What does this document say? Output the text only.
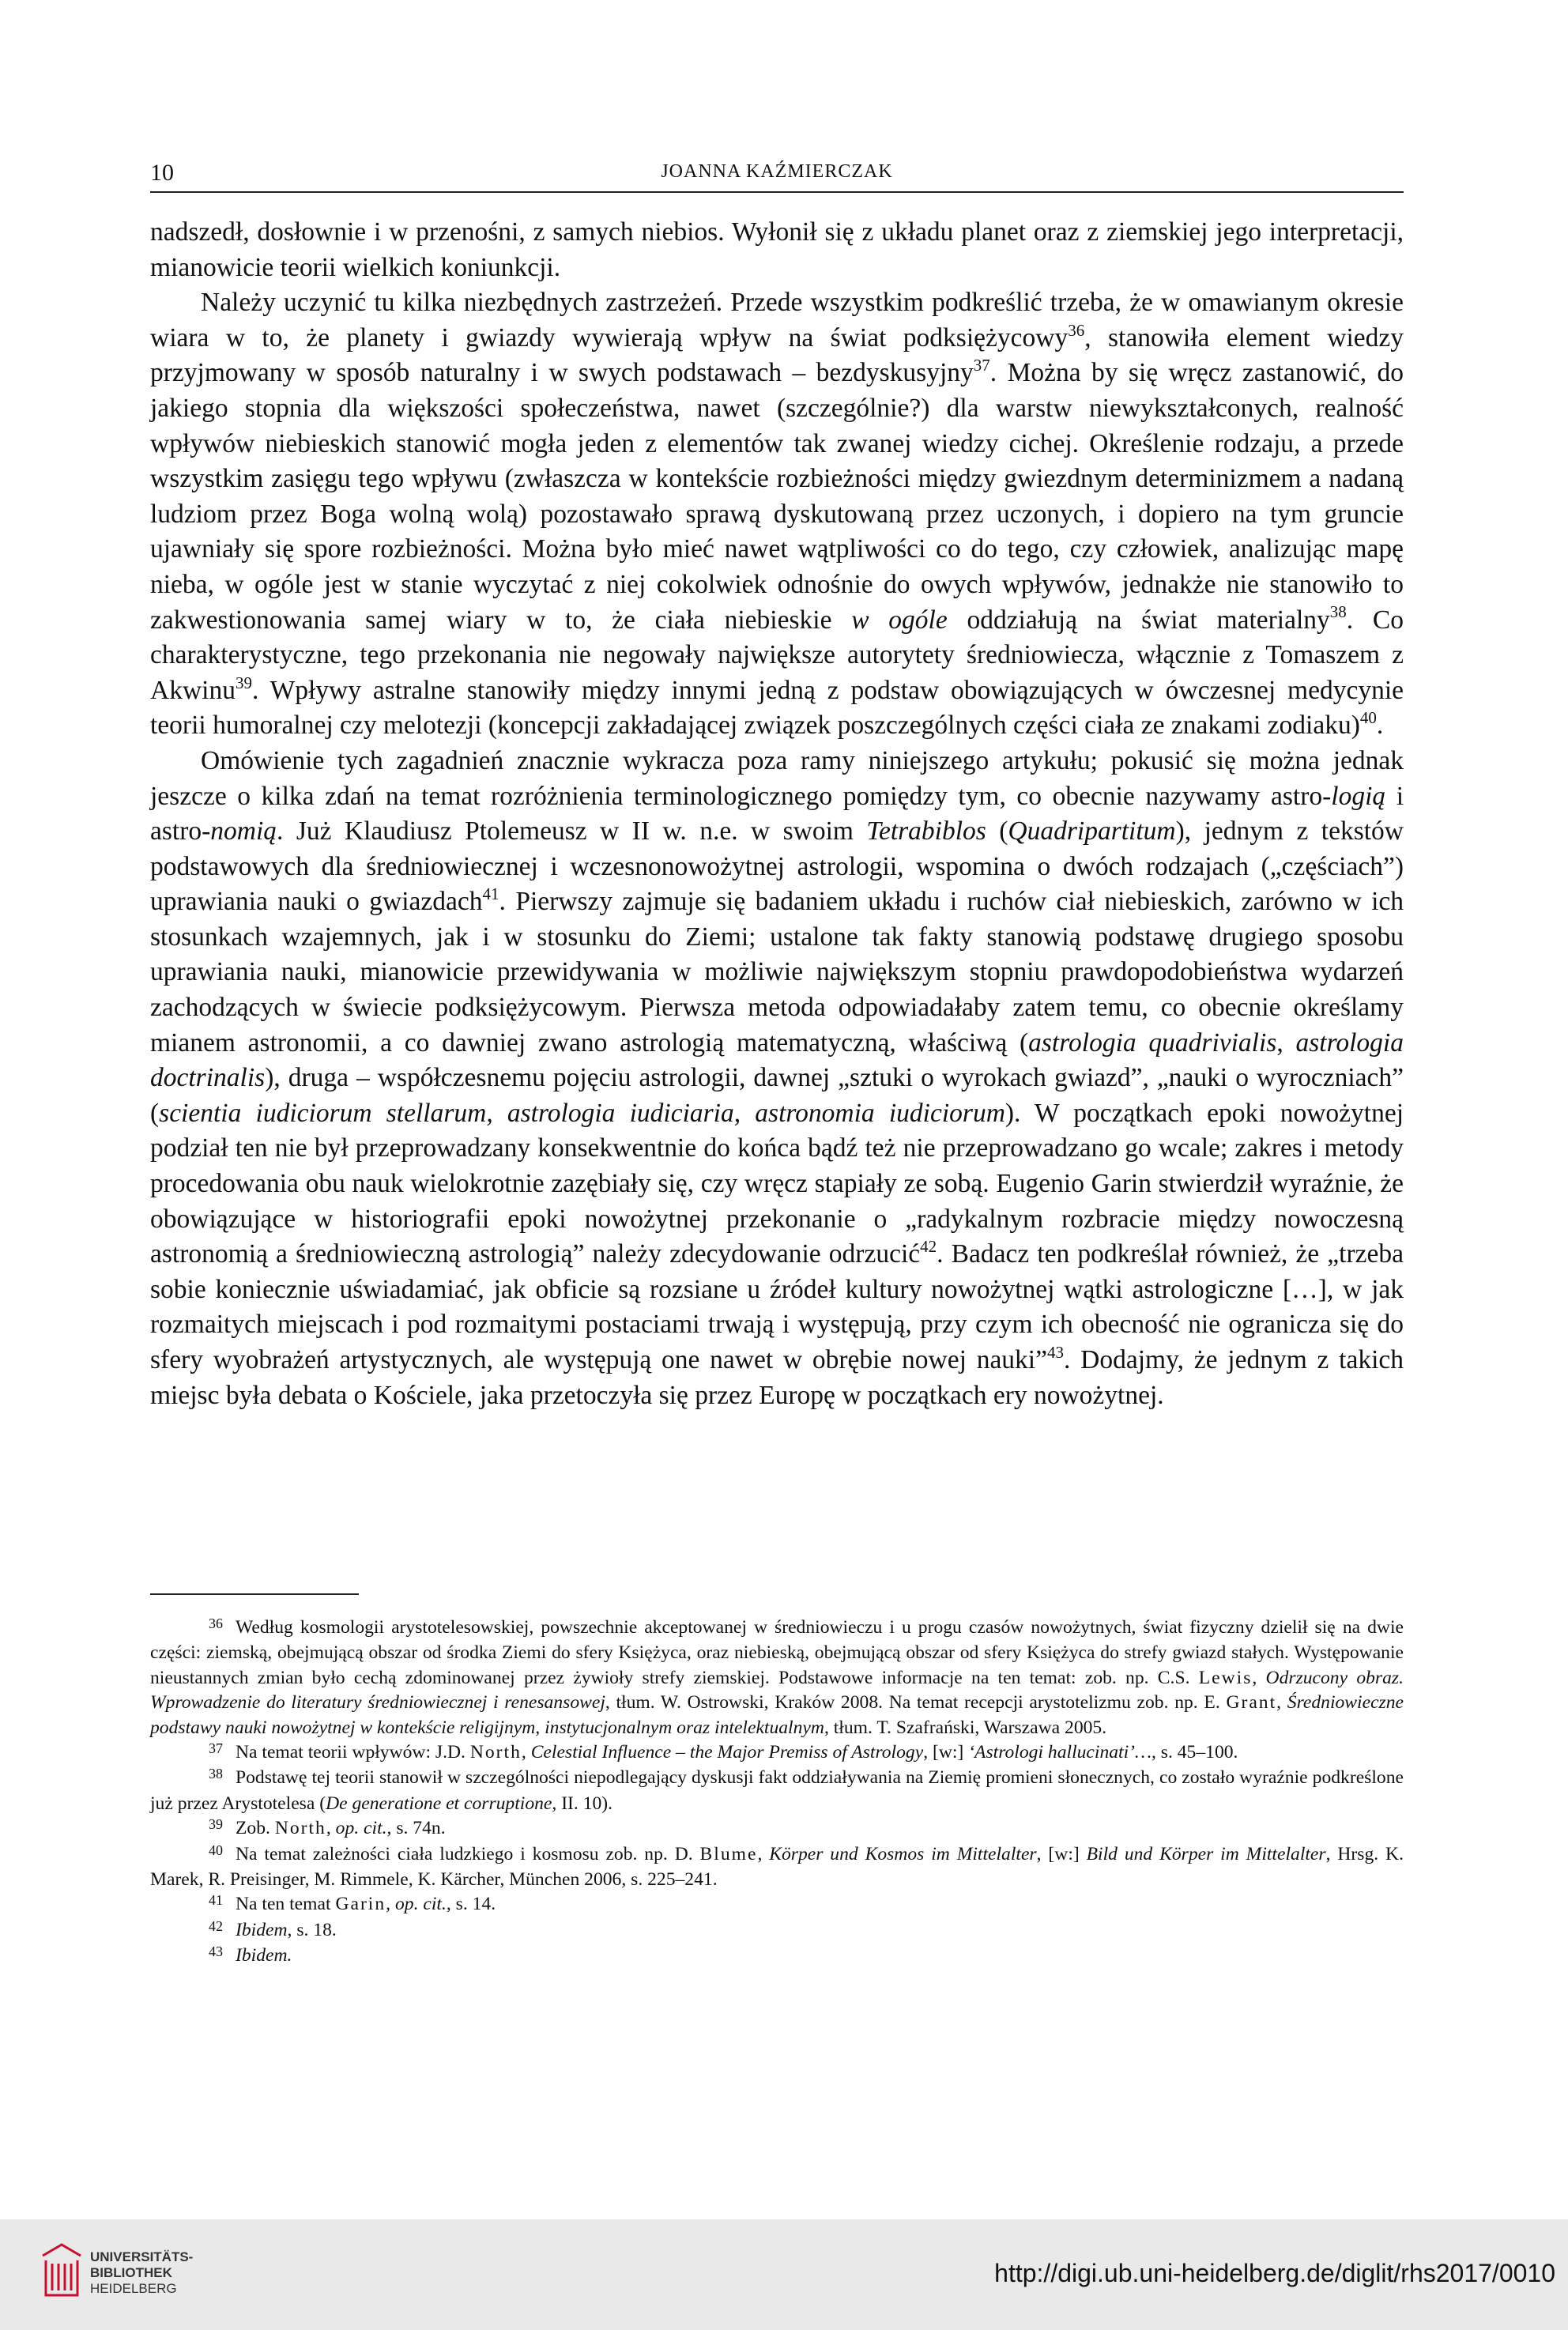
10	JOANNA KAŹMIERCZAK

nadszedł, dosłownie i w przenośni, z samych niebios. Wyłonił się z układu planet oraz z ziemskiej jego interpretacji, mianowicie teorii wielkich koniunkcji.

Należy uczynić tu kilka niezbędnych zastrzeżeń. Przede wszystkim podkreślić trzeba, że w omawianym okresie wiara w to, że planety i gwiazdy wywierają wpływ na świat podksiężycowy$^{36}$, stanowiła element wiedzy przyjmowany w sposób naturalny i w swych podstawach – bezdyskusyjny$^{37}$. Można by się wręcz zastanowić, do jakiego stopnia dla większości społeczeństwa, nawet (szczególnie?) dla warstw niewykształconych, realność wpływów niebieskich stanowić mogła jeden z elementów tak zwanej wiedzy cichej. Określenie rodzaju, a przede wszystkim zasięgu tego wpływu (zwłaszcza w kontekście rozbieżności między gwiezdnym determinizmem a nadaną ludziom przez Boga wolną wolą) pozostawało sprawą dyskutowaną przez uczonych, i dopiero na tym gruncie ujawniały się spore rozbieżności. Można było mieć nawet wątpliwości co do tego, czy człowiek, analizując mapę nieba, w ogóle jest w stanie wyczytać z niej cokolwiek odnośnie do owych wpływów, jednakże nie stanowiło to zakwestionowania samej wiary w to, że ciała niebieskie w ogóle oddziałują na świat materialny$^{38}$. Co charakterystyczne, tego przekonania nie negowały największe autorytety średniowiecza, włącznie z Tomaszem z Akwinu$^{39}$. Wpływy astralne stanowiły między innymi jedną z podstaw obowiązujących w ówczesnej medycynie teorii humoralnej czy melotezji (koncepcji zakładającej związek poszczególnych części ciała ze znakami zodiaku)$^{40}$.

Omówienie tych zagadnień znacznie wykracza poza ramy niniejszego artykułu; pokusić się można jednak jeszcze o kilka zdań na temat rozróżnienia terminologicznego pomiędzy tym, co obecnie nazywamy astro-logią i astro-nomią. Już Klaudiusz Ptolemeusz w II w. n.e. w swoim Tetrabiblos (Quadripartitum), jednym z tekstów podstawowych dla średniowiecznej i wczesnonowożytnej astrologii, wspomina o dwóch rodzajach („częściach”) uprawiania nauki o gwiazdach$^{41}$. Pierwszy zajmuje się badaniem układu i ruchów ciał niebieskich, zarówno w ich stosunkach wzajemnych, jak i w stosunku do Ziemi; ustalone tak fakty stanowią podstawę drugiego sposobu uprawiania nauki, mianowicie przewidywania w możliwie największym stopniu prawdopodobieństwa wydarzeń zachodzących w świecie podksiężycowym. Pierwsza metoda odpowiadałaby zatem temu, co obecnie określamy mianem astronomii, a co dawniej zwano astrologią matematyczną, właściwą (astrologia quadrivialis, astrologia doctrinalis), druga – współczesnemu pojęciu astrologii, dawnej „sztuki o wyrokach gwiazd”, „nauki o wyroczniach” (scientia iudiciorum stellarum, astrologia iudiciaria, astronomia iudiciorum). W początkach epoki nowożytnej podział ten nie był przeprowadzany konsekwentnie do końca bądź też nie przeprowadzano go wcale; zakres i metody procedowania obu nauk wielokrotnie zazębiały się, czy wręcz stapiały ze sobą. Eugenio Garin stwierdził wyraźnie, że obowiązujące w historiografii epoki nowożytnej przekonanie o „radykalnym rozbracie między nowoczesną astronomią a średniowieczną astrologią” należy zdecydowanie odrzucić$^{42}$. Badacz ten podkreślał również, że „trzeba sobie koniecznie uświadamiać, jak obficie są rozsiane u źródeł kultury nowożytnej wątki astrologiczne […], w jak rozmaitych miejscach i pod rozmaitymi postaciami trwają i występują, przy czym ich obecność nie ogranicza się do sfery wyobrażeń artystycznych, ale występują one nawet w obrębie nowej nauki”$^{43}$. Dodajmy, że jednym z takich miejsc była debata o Kościele, jaka przetoczyła się przez Europę w początkach ery nowożytnej.

$^{36}$ Według kosmologii arystotelesowskiej, powszechnie akceptowanej w średniowieczu i u progu czasów nowożytnych, świat fizyczny dzielił się na dwie części: ziemską, obejmującą obszar od środka Ziemi do sfery Księżyca, oraz niebieską, obejmującą obszar od sfery Księżyca do strefy gwiazd stałych. Występowanie nieustannych zmian było cechą zdominowanej przez żywioły strefy ziemskiej. Podstawowe informacje na ten temat: zob. np. C.S. Lewis, Odrzucony obraz. Wprowadzenie do literatury średniowiecznej i renesansowej, tłum. W. Ostrowski, Kraków 2008. Na temat recepcji arystotelizmu zob. np. E. Grant, Średniowieczne podstawy nauki nowożytnej w kontekście religijnym, instytucjonalnym oraz intelektualnym, tłum. T. Szafrański, Warszawa 2005.

$^{37}$ Na temat teorii wpływów: J.D. North, Celestial Influence – the Major Premiss of Astrology, [w:] ‘Astrologi hallucinati’…, s. 45–100.

$^{38}$ Podstawę tej teorii stanowił w szczególności niepodlegający dyskusji fakt oddziaływania na Ziemię promieni słonecznych, co zostało wyraźnie podkreślone już przez Arystotelesa (De generatione et corruptione, II. 10).

$^{39}$ Zob. North, op. cit., s. 74n.

$^{40}$ Na temat zależności ciała ludzkiego i kosmosu zob. np. D. Blume, Körper und Kosmos im Mittelalter, [w:] Bild und Körper im Mittelalter, Hrsg. K. Marek, R. Preisinger, M. Rimmele, K. Kärcher, München 2006, s. 225–241.

$^{41}$ Na ten temat Garin, op. cit., s. 14.

$^{42}$ Ibidem, s. 18.

$^{43}$ Ibidem.

UNIVERSITÄTS-
BIBLIOTHEK
HEIDELBERG
http://digi.ub.uni-heidelberg.de/diglit/rhs2017/0010
